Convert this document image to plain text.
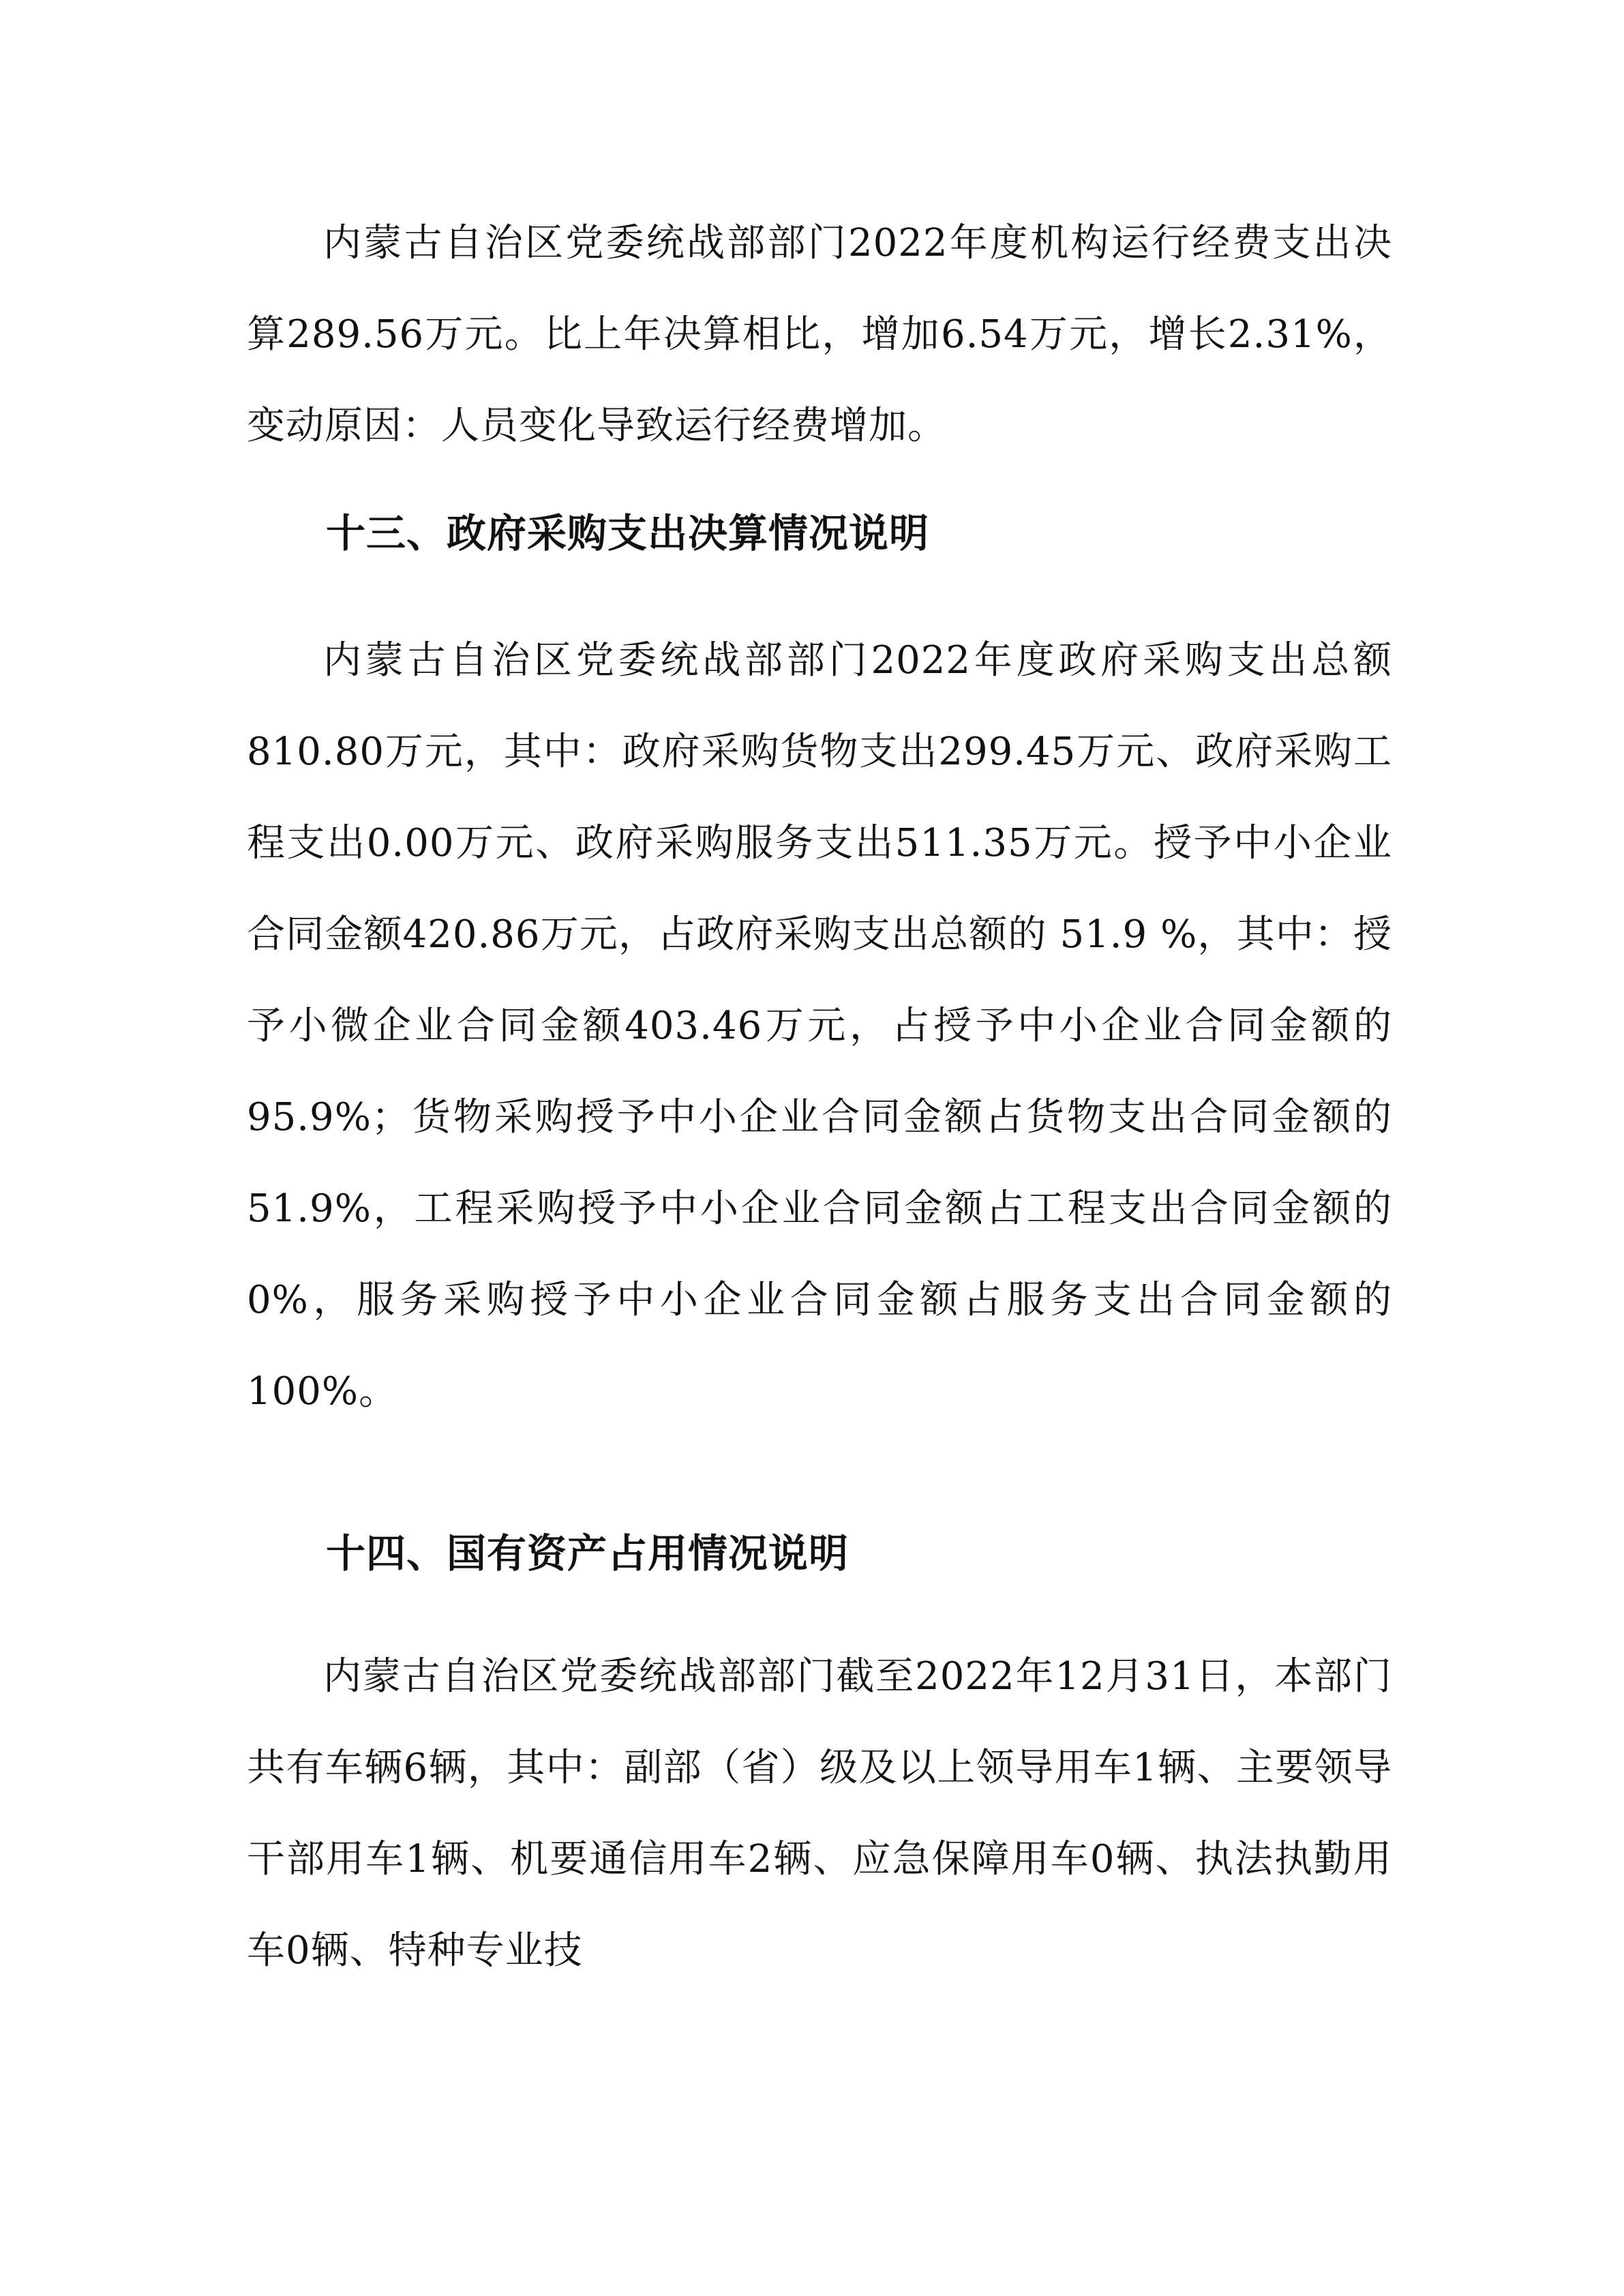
内蒙古自治区党委统战部部门2022年度机构运行经费支出决算289.56万元。比上年决算相比，增加6.54万元，增长2.31%，变动原因：人员变化导致运行经费增加。

十三、政府采购支出决算情况说明

内蒙古自治区党委统战部部门2022年度政府采购支出总额810.80万元，其中：政府采购货物支出299.45万元、政府采购工程支出0.00万元、政府采购服务支出511.35万元。授予中小企业合同金额420.86万元，占政府采购支出总额的 51.9 %，其中：授予小微企业合同金额403.46万元，占授予中小企业合同金额的95.9%；货物采购授予中小企业合同金额占货物支出合同金额的51.9%，工程采购授予中小企业合同金额占工程支出合同金额的0%，服务采购授予中小企业合同金额占服务支出合同金额的100%。

十四、国有资产占用情况说明

内蒙古自治区党委统战部部门截至2022年12月31日，本部门共有车辆6辆，其中：副部（省）级及以上领导用车1辆、主要领导干部用车1辆、机要通信用车2辆、应急保障用车0辆、执法执勤用车0辆、特种专业技
